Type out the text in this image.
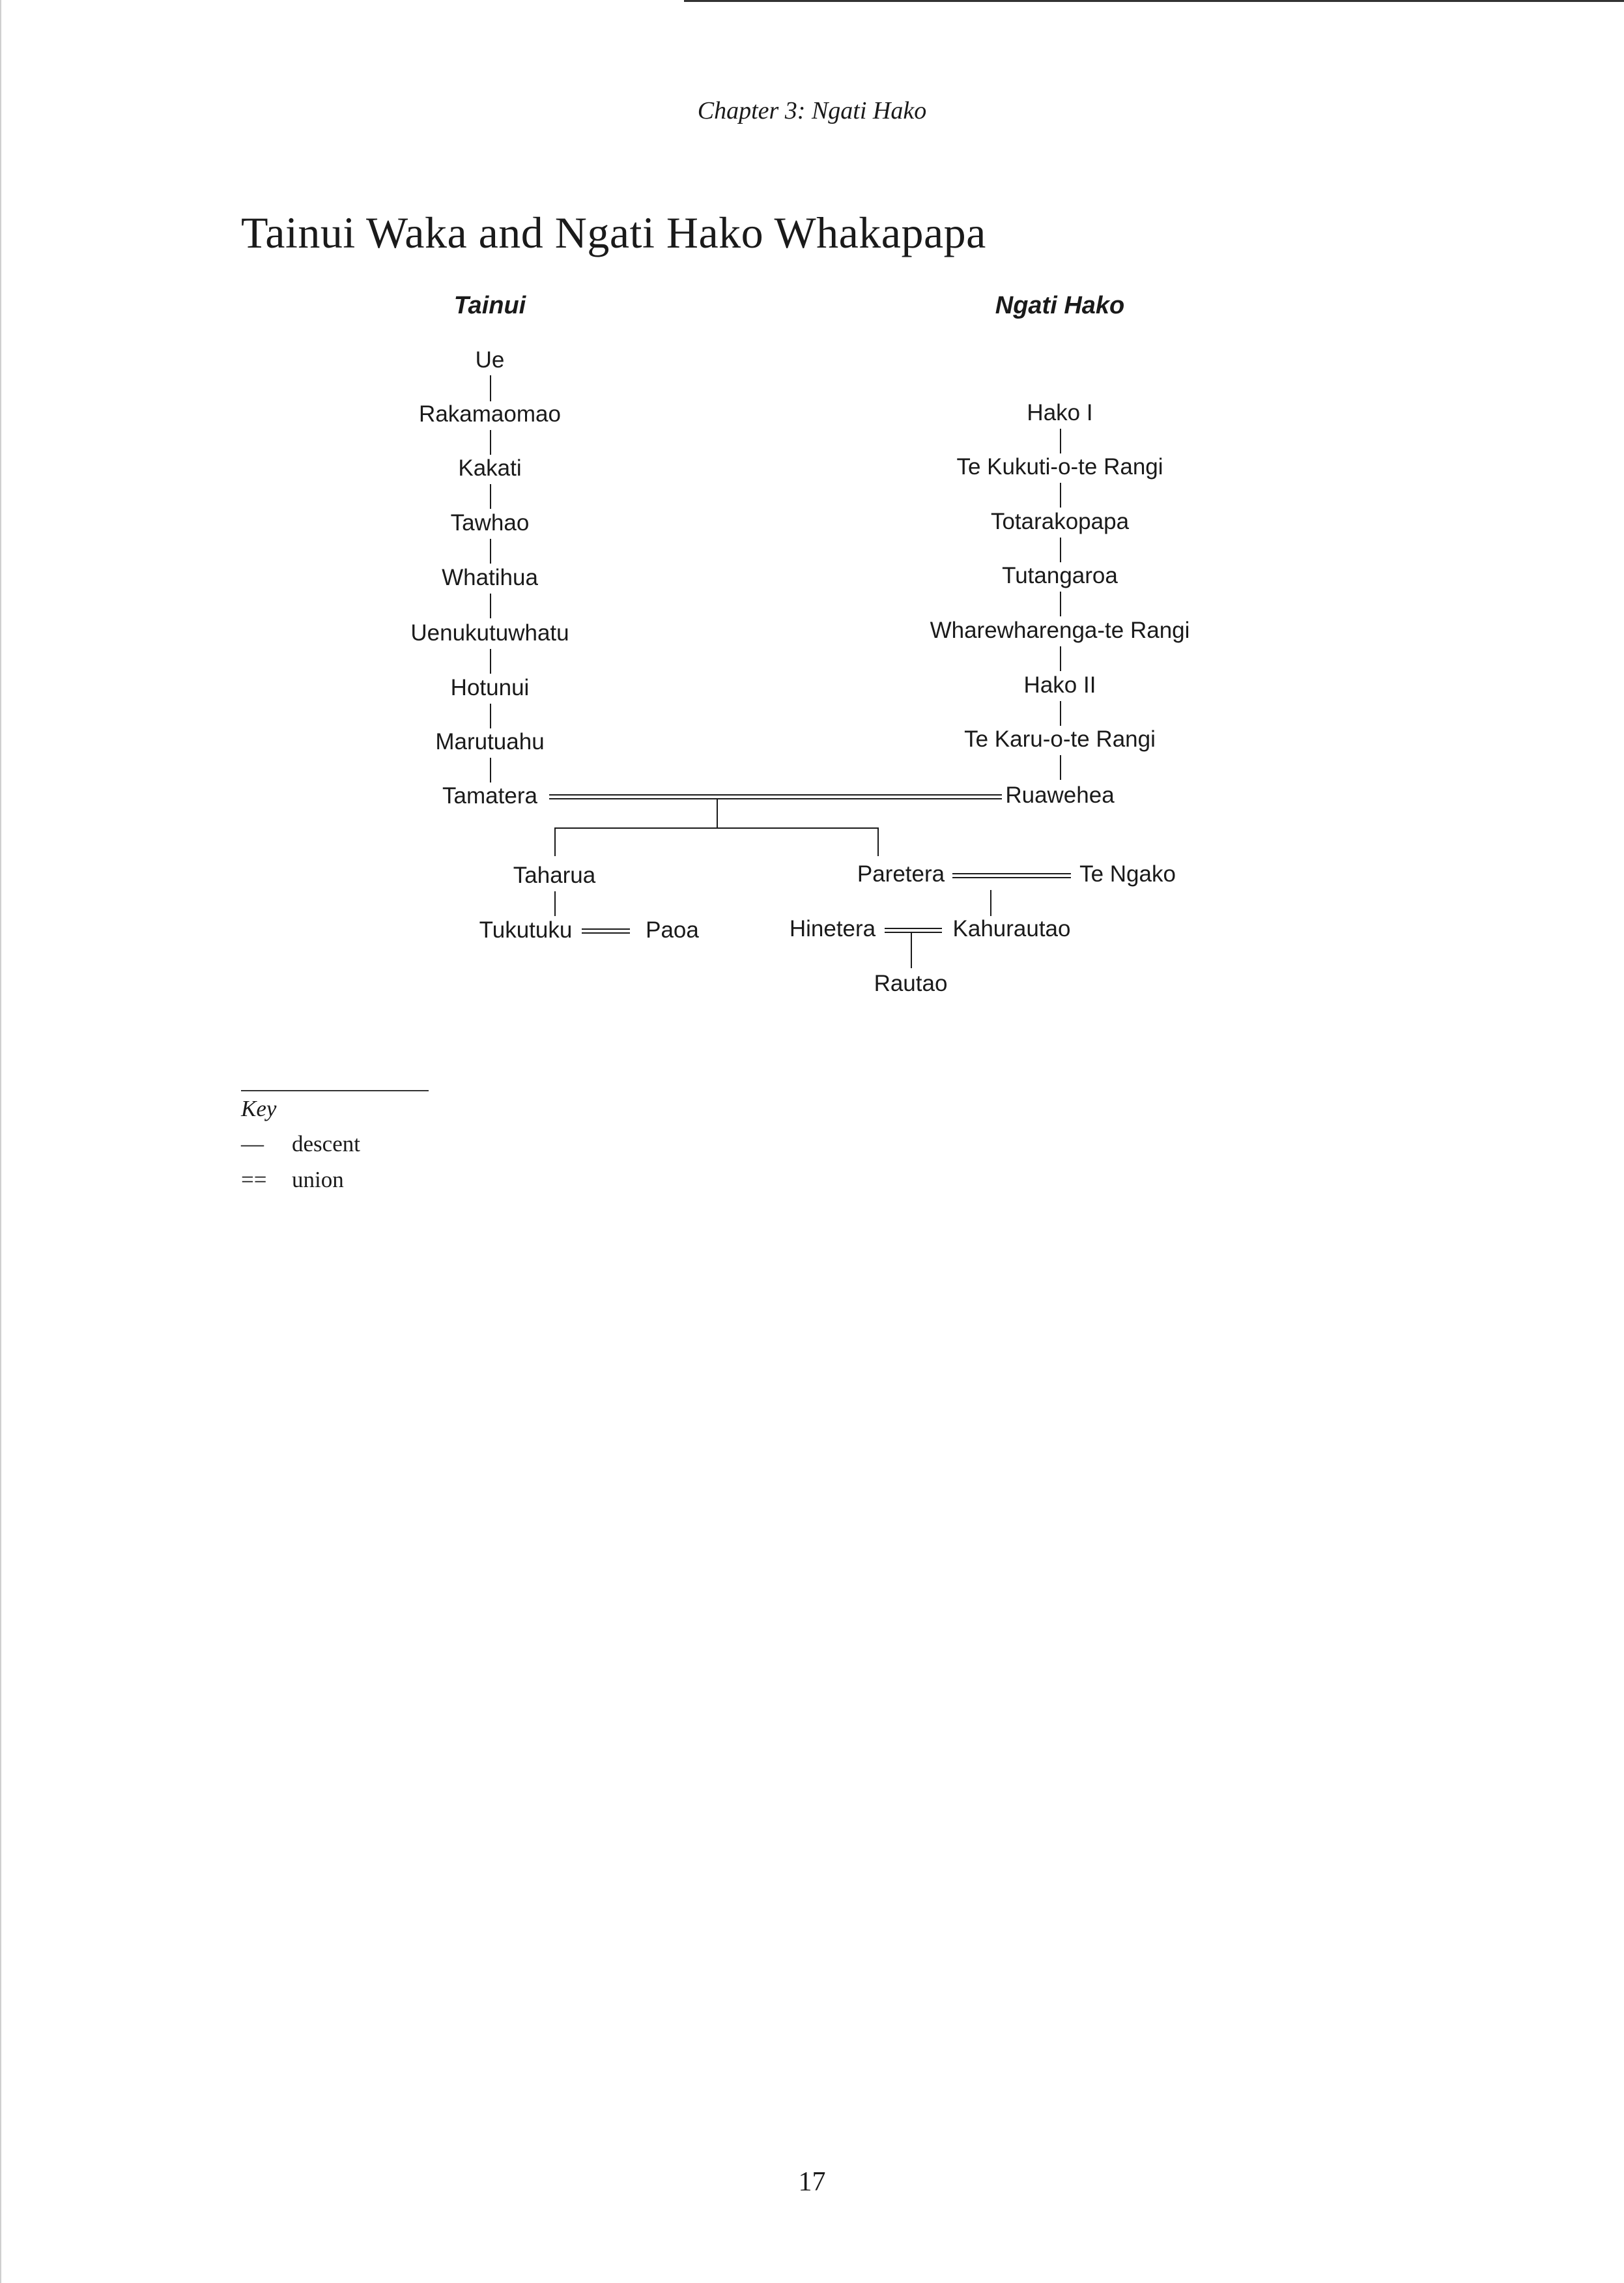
Chapter 3: Ngati Hako
Tainui Waka and Ngati Hako Whakapapa
Tainui	Ngati Hako
Ue
Rakamaomao
Kakati
Tawhao
Whatihua
Uenukutuwhatu
Hotunui
Marutuahu
Tamatera
Hako I
Te Kukuti-o-te Rangi
Totarakopapa
Tutangaroa
Wharewharenga-te Rangi
Hako II
Te Karu-o-te Rangi
Ruawehea
Taharua
Tukutuku	Paoa
Paretera	Te Ngako
Hinetera	Kahurautao
Rautao
Key
— descent
== union
17
